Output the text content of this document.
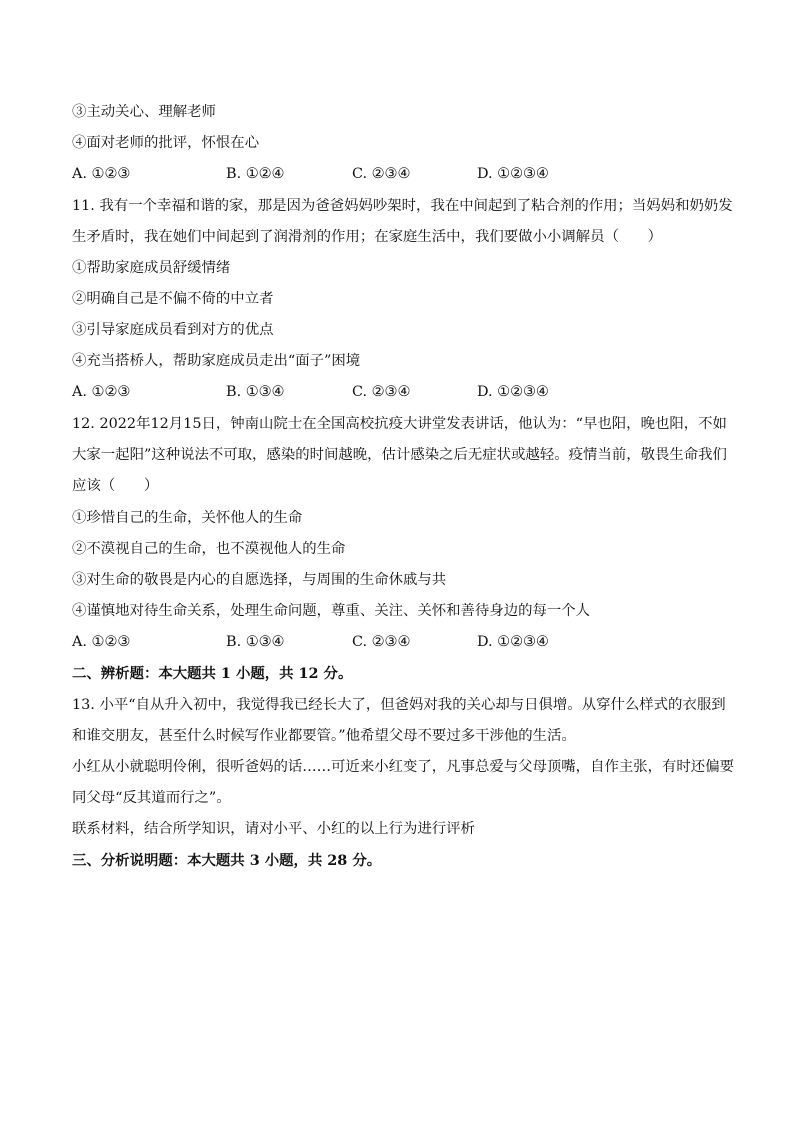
③主动关心、理解老师
④面对老师的批评，怀恨在心
A. ①②③	B. ①②④	C. ②③④	D. ①②③④
11. 我有一个幸福和谐的家，那是因为爸爸妈妈吵架时，我在中间起到了粘合剂的作用；当妈妈和奶奶发
生矛盾时，我在她们中间起到了润滑剂的作用；在家庭生活中，我们要做小小调解员（　　）
①帮助家庭成员舒缓情绪
②明确自己是不偏不倚的中立者
③引导家庭成员看到对方的优点
④充当搭桥人，帮助家庭成员走出“面子”困境
A. ①②③	B. ①③④	C. ②③④	D. ①②③④
12. 2022年12月15日，钟南山院士在全国高校抗疫大讲堂发表讲话，他认为：“早也阳，晚也阳，不如
大家一起阳”这种说法不可取，感染的时间越晚，估计感染之后无症状或越轻。疫情当前，敬畏生命我们
应该（　　）
①珍惜自己的生命，关怀他人的生命
②不漠视自己的生命，也不漠视他人的生命
③对生命的敬畏是内心的自愿选择，与周围的生命休戚与共
④谨慎地对待生命关系，处理生命问题，尊重、关注、关怀和善待身边的每一个人
A. ①②③	B. ①③④	C. ②③④	D. ①②③④
二、辨析题：本大题共 1 小题，共 12 分。
13. 小平“自从升入初中，我觉得我已经长大了，但爸妈对我的关心却与日俱增。从穿什么样式的衣服到
和谁交朋友，甚至什么时候写作业都要管。”他希望父母不要过多干涉他的生活。
小红从小就聪明伶俐，很听爸妈的话……可近来小红变了，凡事总爱与父母顶嘴，自作主张，有时还偏要
同父母“反其道而行之”。
联系材料，结合所学知识，请对小平、小红的以上行为进行评析
三、分析说明题：本大题共 3 小题，共 28 分。
